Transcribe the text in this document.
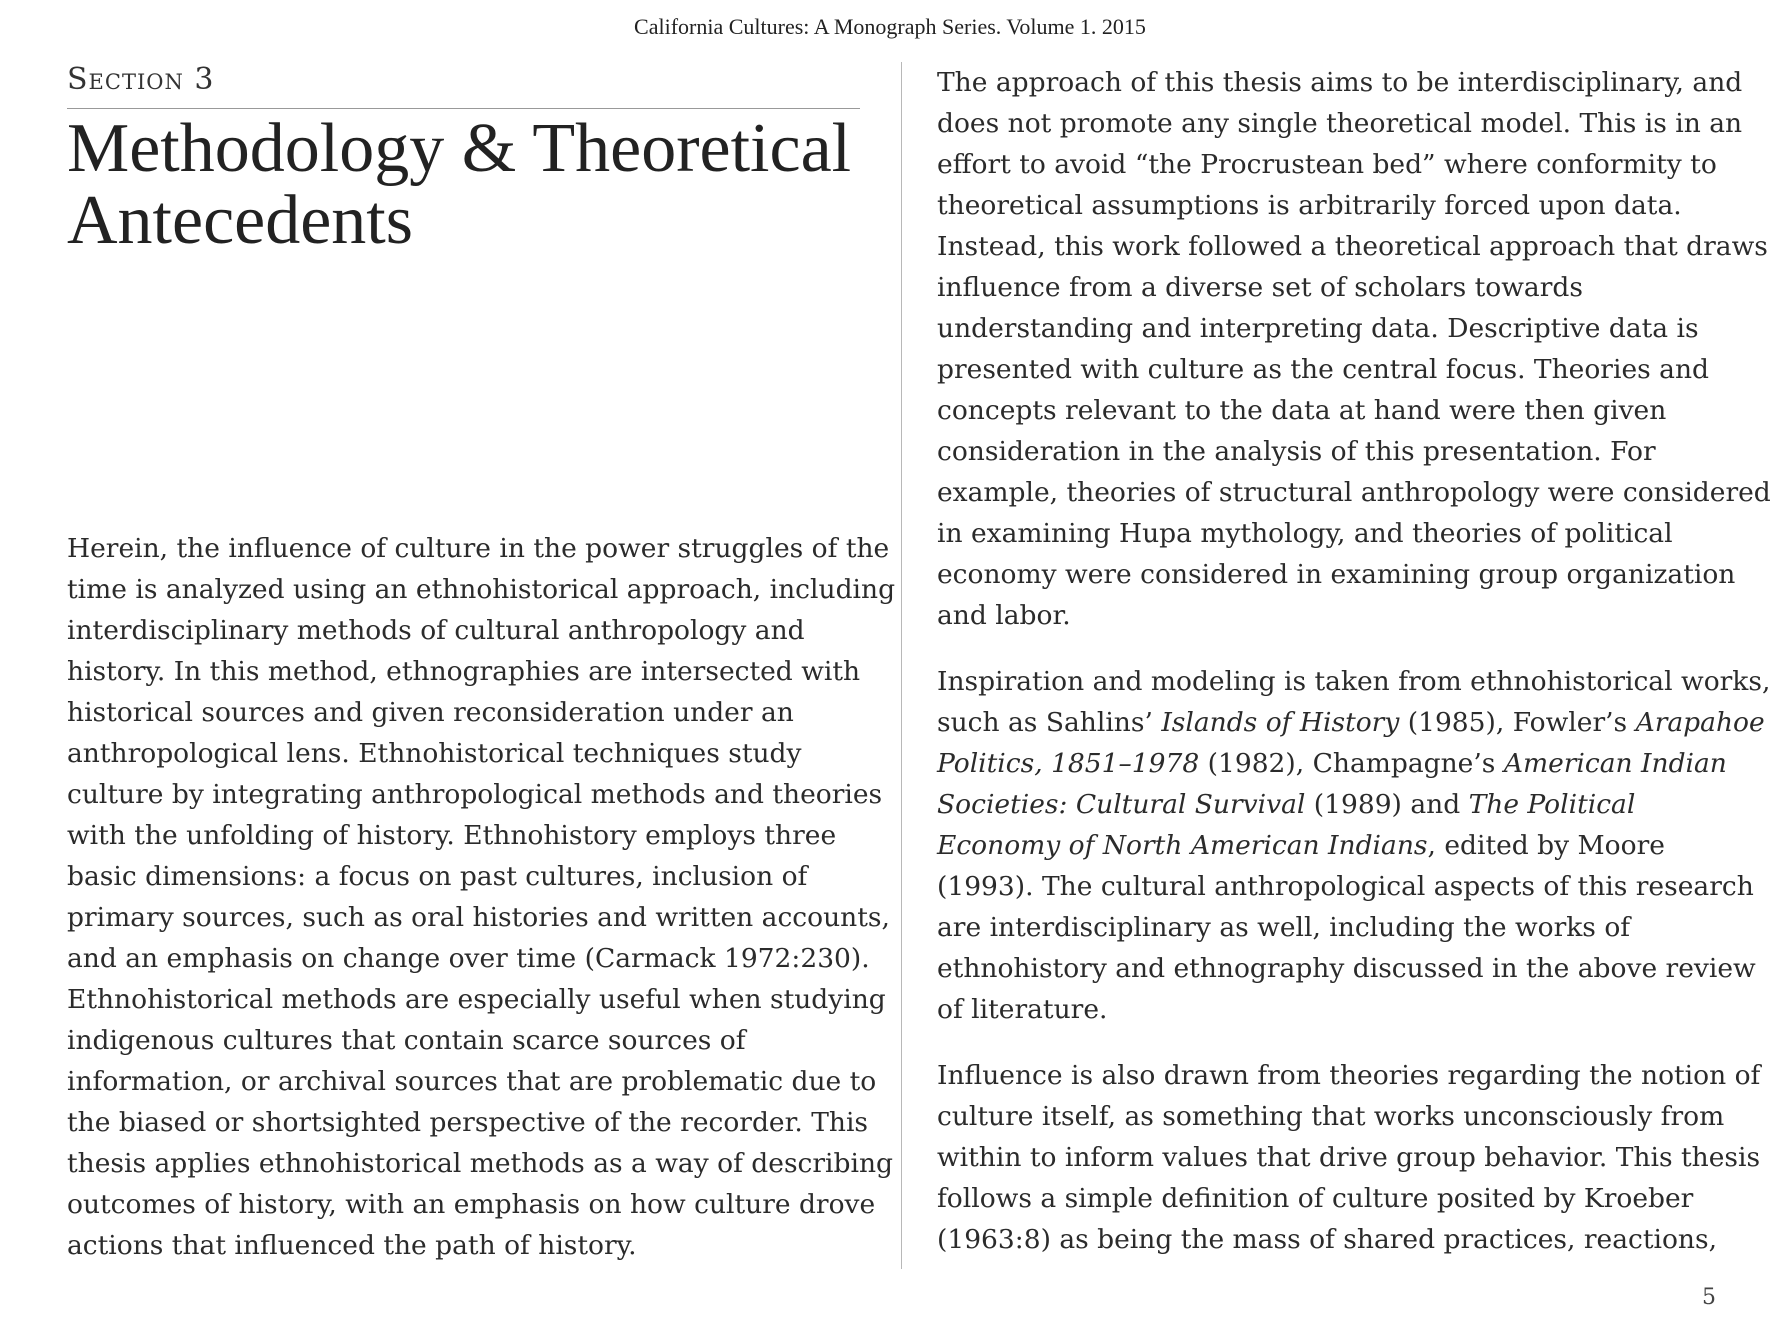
California Cultures: A Monograph Series. Volume 1. 2015
Section 3
Methodology & Theoretical
Antecedents
Herein, the influence of culture in the power struggles of the
time is analyzed using an ethnohistorical approach, including
interdisciplinary methods of cultural anthropology and
history. In this method, ethnographies are intersected with
historical sources and given reconsideration under an
anthropological lens. Ethnohistorical techniques study
culture by integrating anthropological methods and theories
with the unfolding of history. Ethnohistory employs three
basic dimensions: a focus on past cultures, inclusion of
primary sources, such as oral histories and written accounts,
and an emphasis on change over time (Carmack 1972:230).
Ethnohistorical methods are especially useful when studying
indigenous cultures that contain scarce sources of
information, or archival sources that are problematic due to
the biased or shortsighted perspective of the recorder. This
thesis applies ethnohistorical methods as a way of describing
outcomes of history, with an emphasis on how culture drove
actions that influenced the path of history.

The approach of this thesis aims to be interdisciplinary, and
does not promote any single theoretical model. This is in an
effort to avoid “the Procrustean bed” where conformity to
theoretical assumptions is arbitrarily forced upon data.
Instead, this work followed a theoretical approach that draws
influence from a diverse set of scholars towards
understanding and interpreting data. Descriptive data is
presented with culture as the central focus. Theories and
concepts relevant to the data at hand were then given
consideration in the analysis of this presentation. For
example, theories of structural anthropology were considered
in examining Hupa mythology, and theories of political
economy were considered in examining group organization
and labor.

Inspiration and modeling is taken from ethnohistorical works,
such as Sahlins’ Islands of History (1985), Fowler’s Arapahoe
Politics, 1851–1978 (1982), Champagne’s American Indian
Societies: Cultural Survival (1989) and The Political
Economy of North American Indians, edited by Moore
(1993). The cultural anthropological aspects of this research
are interdisciplinary as well, including the works of
ethnohistory and ethnography discussed in the above review
of literature.

Influence is also drawn from theories regarding the notion of
culture itself, as something that works unconsciously from
within to inform values that drive group behavior. This thesis
follows a simple definition of culture posited by Kroeber
(1963:8) as being the mass of shared practices, reactions,

5
